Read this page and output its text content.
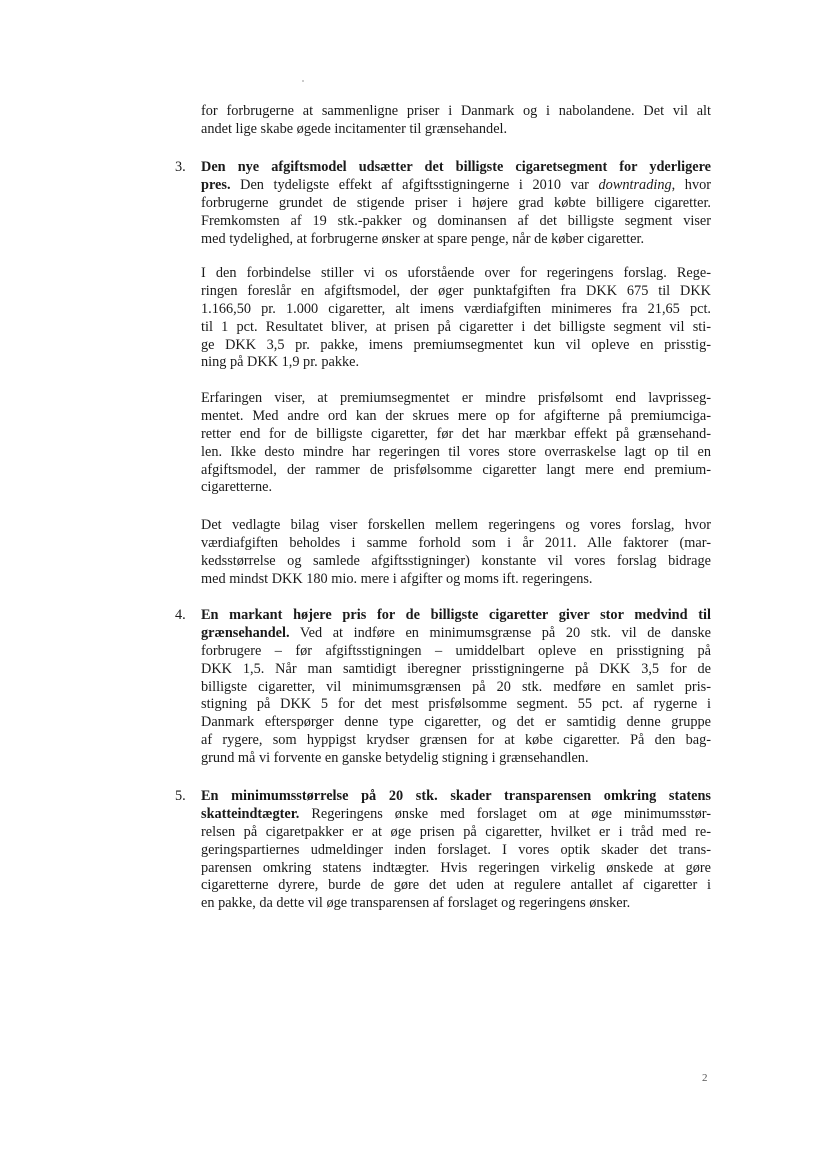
for forbrugerne at sammenligne priser i Danmark og i nabolandene. Det vil alt
andet lige skabe øgede incitamenter til grænsehandel.
3. Den nye afgiftsmodel udsætter det billigste cigaretsegment for yderligere
pres. Den tydeligste effekt af afgiftsstigningerne i 2010 var downtrading, hvor
forbrugerne grundet de stigende priser i højere grad købte billigere cigaretter.
Fremkomsten af 19 stk.-pakker og dominansen af det billigste segment viser
med tydelighed, at forbrugerne ønsker at spare penge, når de køber cigaretter.
I den forbindelse stiller vi os uforstående over for regeringens forslag. Rege-
ringen foreslår en afgiftsmodel, der øger punktafgiften fra DKK 675 til DKK
1.166,50 pr. 1.000 cigaretter, alt imens værdiafgiften minimeres fra 21,65 pct.
til 1 pct. Resultatet bliver, at prisen på cigaretter i det billigste segment vil sti-
ge DKK 3,5 pr. pakke, imens premiumsegmentet kun vil opleve en prisstig-
ning på DKK 1,9 pr. pakke.
Erfaringen viser, at premiumsegmentet er mindre prisfølsomt end lavprisseg-
mentet. Med andre ord kan der skrues mere op for afgifterne på premiumciga-
retter end for de billigste cigaretter, før det har mærkbar effekt på grænsehand-
len. Ikke desto mindre har regeringen til vores store overraskelse lagt op til en
afgiftsmodel, der rammer de prisfølsomme cigaretter langt mere end premium-
cigaretterne.
Det vedlagte bilag viser forskellen mellem regeringens og vores forslag, hvor
værdiafgiften beholdes i samme forhold som i år 2011. Alle faktorer (mar-
kedsstørrelse og samlede afgiftsstigninger) konstante vil vores forslag bidrage
med mindst DKK 180 mio. mere i afgifter og moms ift. regeringens.
4. En markant højere pris for de billigste cigaretter giver stor medvind til
grænsehandel. Ved at indføre en minimumsgrænse på 20 stk. vil de danske
forbrugere – før afgiftsstigningen – umiddelbart opleve en prisstigning på
DKK 1,5. Når man samtidigt iberegner prisstigningerne på DKK 3,5 for de
billigste cigaretter, vil minimumsgrænsen på 20 stk. medføre en samlet pris-
stigning på DKK 5 for det mest prisfølsomme segment. 55 pct. af rygerne i
Danmark efterspørger denne type cigaretter, og det er samtidig denne gruppe
af rygere, som hyppigst krydser grænsen for at købe cigaretter. På den bag-
grund må vi forvente en ganske betydelig stigning i grænsehandlen.
5. En minimumsstørrelse på 20 stk. skader transparensen omkring statens
skatteindtægter. Regeringens ønske med forslaget om at øge minimumsstør-
relsen på cigaretpakker er at øge prisen på cigaretter, hvilket er i tråd med re-
geringspartiernes udmeldinger inden forslaget. I vores optik skader det trans-
parensen omkring statens indtægter. Hvis regeringen virkelig ønskede at gøre
cigaretterne dyrere, burde de gøre det uden at regulere antallet af cigaretter i
en pakke, da dette vil øge transparensen af forslaget og regeringens ønsker.
2
